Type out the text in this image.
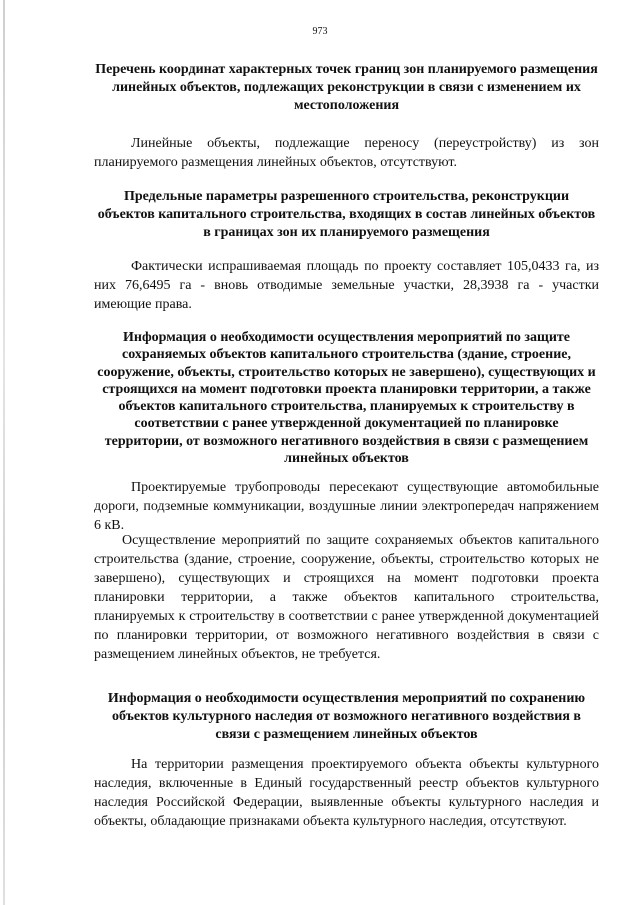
973
Перечень координат характерных точек границ зон планируемого размещения линейных объектов, подлежащих реконструкции в связи с изменением их местоположения

Линейные объекты, подлежащие переносу (переустройству) из зон планируемого размещения линейных объектов, отсутствуют.

Предельные параметры разрешенного строительства, реконструкции объектов капитального строительства, входящих в состав линейных объектов в границах зон их планируемого размещения

Фактически испрашиваемая площадь по проекту составляет 105,0433 га, из них 76,6495 га - вновь отводимые земельные участки, 28,3938 га - участки имеющие права.

Информация о необходимости осуществления мероприятий по защите сохраняемых объектов капитального строительства (здание, строение, сооружение, объекты, строительство которых не завершено), существующих и строящихся на момент подготовки проекта планировки территории, а также объектов капитального строительства, планируемых к строительству в соответствии с ранее утвержденной документацией по планировке территории, от возможного негативного воздействия в связи с размещением линейных объектов

Проектируемые трубопроводы пересекают существующие автомобильные дороги, подземные коммуникации, воздушные линии электропередач напряжением 6 кВ.

Осуществление мероприятий по защите сохраняемых объектов капитального строительства (здание, строение, сооружение, объекты, строительство которых не завершено), существующих и строящихся на момент подготовки проекта планировки территории, а также объектов капитального строительства, планируемых к строительству в соответствии с ранее утвержденной документацией по планировки территории, от возможного негативного воздействия в связи с размещением линейных объектов, не требуется.

Информация о необходимости осуществления мероприятий по сохранению объектов культурного наследия от возможного негативного воздействия в связи с размещением линейных объектов

На территории размещения проектируемого объекта объекты культурного наследия, включенные в Единый государственный реестр объектов культурного наследия Российской Федерации, выявленные объекты культурного наследия и объекты, обладающие признаками объекта культурного наследия, отсутствуют.
